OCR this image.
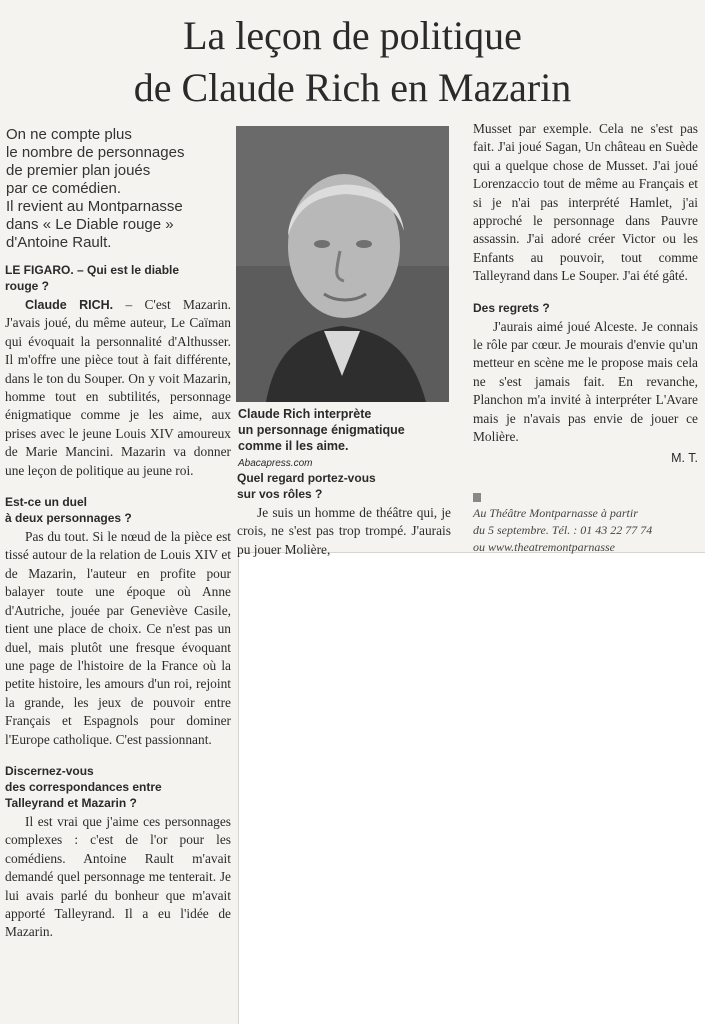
La leçon de politique
de Claude Rich en Mazarin
On ne compte plus
le nombre de personnages
de premier plan joués
par ce comédien.
Il revient au Montparnasse
dans « Le Diable rouge »
d'Antoine Rault.
LE FIGARO. – Qui est le diable
rouge ?

Claude RICH. – C'est Mazarin. J'avais joué, du même auteur, Le Caïman qui évoquait la personnalité d'Althusser. Il m'offre une pièce tout à fait différente, dans le ton du Souper. On y voit Mazarin, homme tout en subtilités, personnage énigmatique comme je les aime, aux prises avec le jeune Louis XIV amoureux de Marie Mancini. Mazarin va donner une leçon de politique au jeune roi.

Est-ce un duel
à deux personnages ?

Pas du tout. Si le nœud de la pièce est tissé autour de la relation de Louis XIV et de Mazarin, l'auteur en profite pour balayer toute une époque où Anne d'Autriche, jouée par Geneviève Casile, tient une place de choix. Ce n'est pas un duel, mais plutôt une fresque évoquant une page de l'histoire de la France où la petite histoire, les amours d'un roi, rejoint la grande, les jeux de pouvoir entre Français et Espagnols pour dominer l'Europe catholique. C'est passionnant.

Discernez-vous
des correspondances entre
Talleyrand et Mazarin ?

Il est vrai que j'aime ces personnages complexes : c'est de l'or pour les comédiens. Antoine Rault m'avait demandé quel personnage me tenterait. Je lui avais parlé du bonheur que m'avait apporté Talleyrand. Il a eu l'idée de Mazarin.

Claude Rich interprète
un personnage énigmatique
comme il les aime.
Abacapress.com
Quel regard portez-vous
sur vos rôles ?

Je suis un homme de théâtre qui, je crois, ne s'est pas trop trompé. J'aurais pu jouer Molière,

Musset par exemple. Cela ne s'est pas fait. J'ai joué Sagan, Un château en Suède qui a quelque chose de Musset. J'ai joué Lorenzaccio tout de même au Français et si je n'ai pas interprété Hamlet, j'ai approché le personnage dans Pauvre assassin. J'ai adoré créer Victor ou les Enfants au pouvoir, tout comme Talleyrand dans Le Souper. J'ai été gâté.

Des regrets ?

J'aurais aimé joué Alceste. Je connais le rôle par cœur. Je mourais d'envie qu'un metteur en scène me le propose mais cela ne s'est jamais fait. En revanche, Planchon m'a invité à interpréter L'Avare mais je n'avais pas envie de jouer ce Molière.

M. T.

Au Théâtre Montparnasse à partir
du 5 septembre. Tél. : 01 43 22 77 74
ou www.theatremontparnasse
